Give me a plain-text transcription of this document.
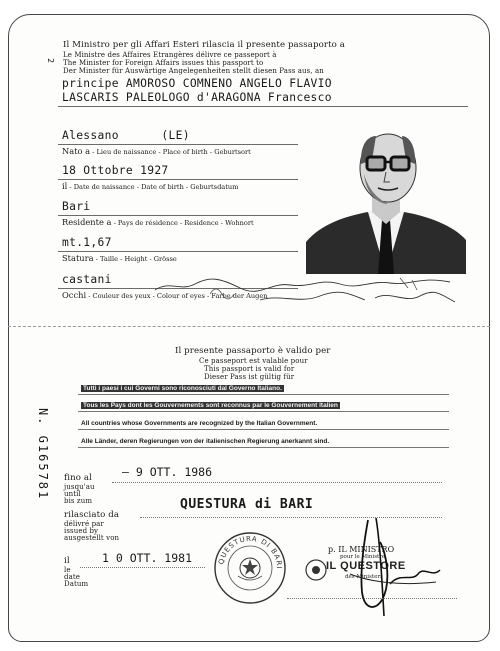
2
Il Ministro per gli Affari Esteri rilascia il presente passaporto a
Le Ministre des Affaires Etrangères délivre ce passeport à
The Minister for Foreign Affairs issues this passport to
Der Minister für Auswärtige Angelegenheiten stellt diesen Pass aus, an
principe AMOROSO COMNENO ANGELO FLAVIO
LASCARIS PALEOLOGO d'ARAGONA Francesco
Alessano      (LE)
Nato a - Lieu de naissance - Place of birth - Geburtsort
18 Ottobre 1927
il - Date de naissance - Date of birth - Geburtsdatum
Bari
Residente a - Pays de résidence - Residence - Wohnort
mt.1,67
Statura - Taille - Height - Grösse
castani
Occhi - Couleur des yeux - Colour of eyes - Farbe der Augen
Il presente passaporto è valido per
Ce passeport est valable pour
This passport is valid for
Dieser Pass ist gültig für
Tutti i paesi i cui Governi sono riconosciuti dal Governo Italiano.
Tous les Pays dont les Gouvernements sont reconnus par le Gouvernement Italien
All countries whose Governments are recognized by the Italian Government.
Alle Länder, deren Regierungen von der italienischen Regierung anerkannt sind.
N. G165781 fino al
jusqu'au
until
bis zum
– 9 OTT. 1986
rilasciato da
délivré par
issued by
ausgestellt von
QUESTURA di BARI
il
le
date
Datum
1 0 OTT. 1981	QUESTURA DI BARI
p. IL MINISTRO
pour le Ministre
IL QUESTORE
des Ministers
